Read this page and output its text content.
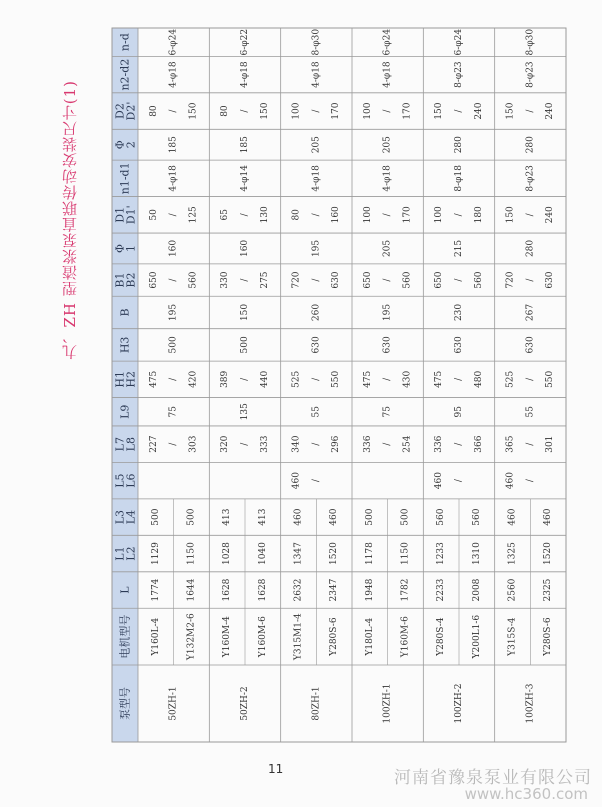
九、ZH 型渣浆泵直联传动安装尺寸(1)
泵型号
电机型号
L
L1
L2
L3
L4
L5
L6
L7
L8
L9
H1
H2
H3
B
B1
B2
Φ
1
D1
D1'
n1-d1
Φ
2
D2
D2'
n2-d2
n-d
50ZH-1
Y160L-4
1774
1129
500
Y132M2-6
1644
1150
500
227 / 303
75
475 / 420
500
195
650 / 560
160
50 / 125
4-φ18
185
80 / 150
4-φ18
6-φ24
50ZH-2
Y160M-4
1628
1028
413
Y160M-6
1628
1040
413
320 / 333
135
389 / 440
500
150
330 / 275
160
65 / 130
4-φ14
185
80 / 150
4-φ18
6-φ22
80ZH-1
Y315M1-4
2632
1347
460
Y280S-6
2347
1520
460
460 /
340 / 296
55
525 / 550
630
260
720 / 630
195
80 / 160
4-φ18
205
100 / 170
4-φ18
8-φ30
100ZH-1
Y180L-4
1948
1178
500
Y160M-6
1782
1150
500
336 / 254
75
475 / 430
630
195
650 / 560
205
100 / 170
4-φ18
205
100 / 170
4-φ18
6-φ24
100ZH-2
Y280S-4
2233
1233
560
Y200L1-6
2008
1310
560
460 /
336 / 366
95
475 / 480
630
230
650 / 560
215
100 / 180
8-φ18
280
150 / 240
8-φ23
6-φ24
100ZH-3
Y315S-4
2560
1325
460
Y280S-6
2325
1520
460
460 /
365 / 301
55
525 / 550
630
267
720 / 630
280
150 / 240
8-φ23
280
150 / 240
8-φ23
8-φ30
11	河南省豫泉泵业有限公司
www.hc360.com
